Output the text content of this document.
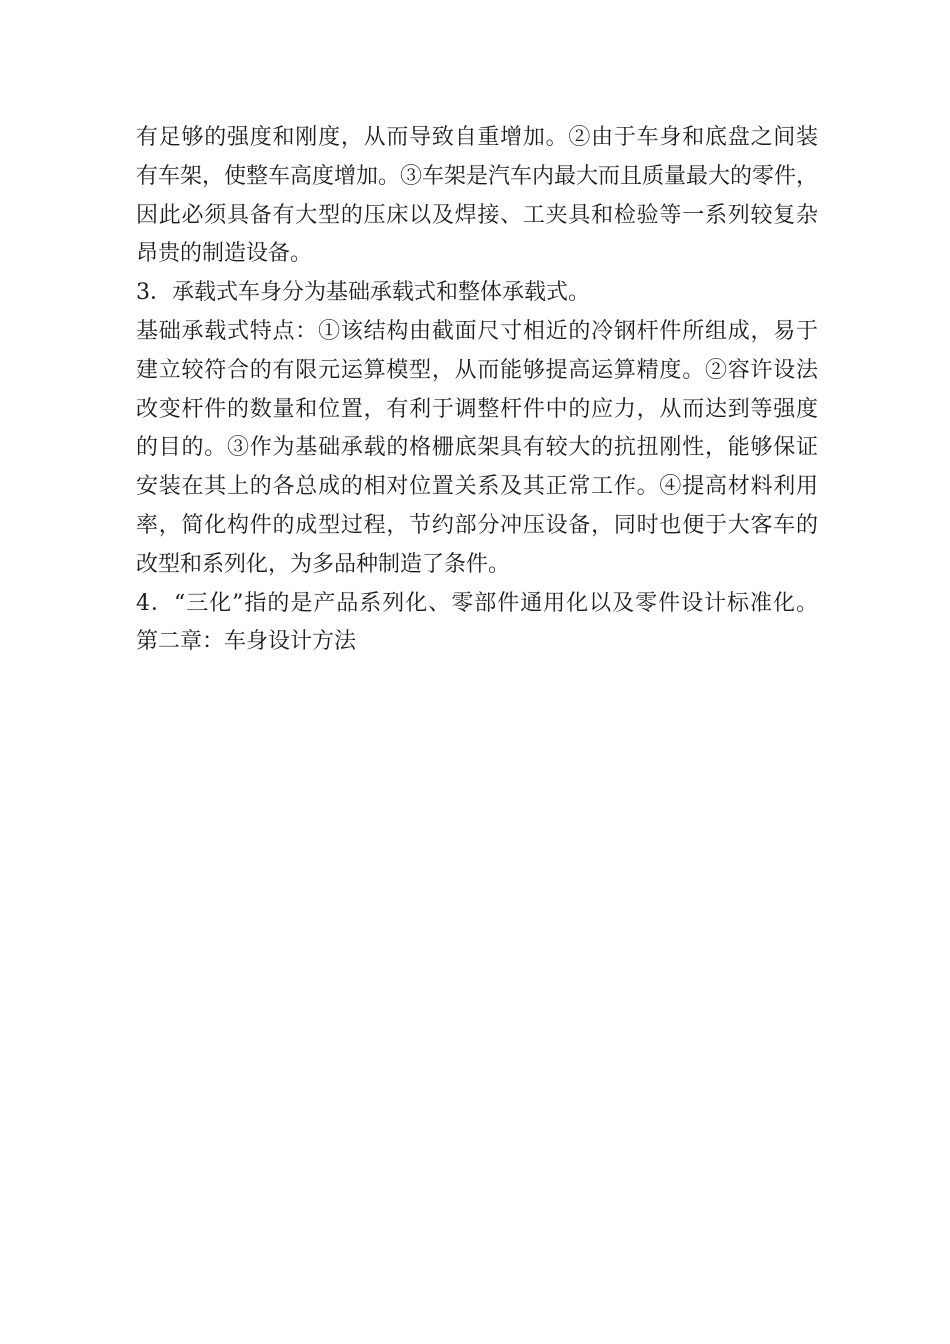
有足够的强度和刚度，从而导致自重增加。②由于车身和底盘之间装
有车架，使整车高度增加。③车架是汽车内最大而且质量最大的零件，
因此必须具备有大型的压床以及焊接、工夹具和检验等一系列较复杂
昂贵的制造设备。
3．承载式车身分为基础承载式和整体承载式。
基础承载式特点：①该结构由截面尺寸相近的冷钢杆件所组成，易于
建立较符合的有限元运算模型，从而能够提高运算精度。②容许设法
改变杆件的数量和位置，有利于调整杆件中的应力，从而达到等强度
的目的。③作为基础承载的格栅底架具有较大的抗扭刚性，能够保证
安装在其上的各总成的相对位置关系及其正常工作。④提高材料利用
率，简化构件的成型过程，节约部分冲压设备，同时也便于大客车的
改型和系列化，为多品种制造了条件。
4．“三化”指的是产品系列化、零部件通用化以及零件设计标准化。
第二章：车身设计方法
